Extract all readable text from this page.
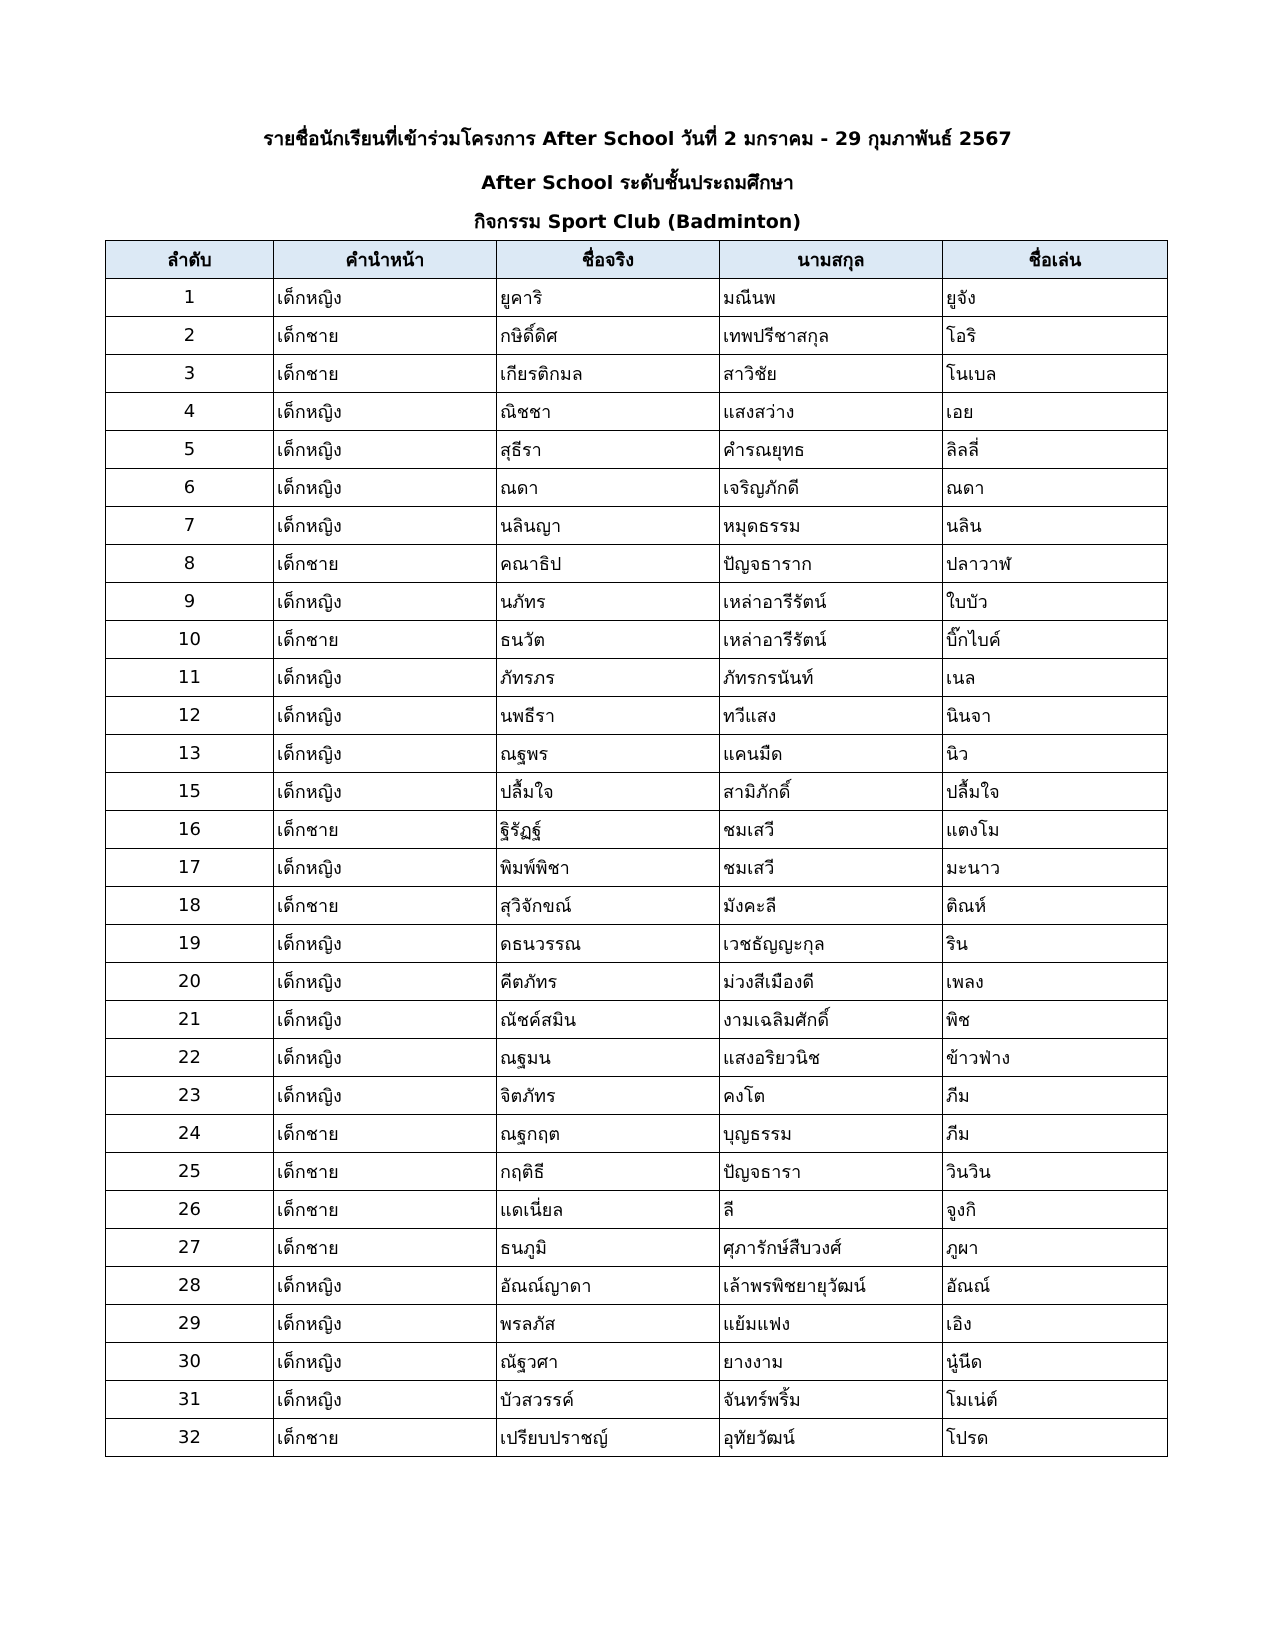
รายชื่อนักเรียนที่เข้าร่วมโครงการ After School วันที่ 2 มกราคม - 29 กุมภาพันธ์ 2567
After School ระดับชั้นประถมศึกษา
กิจกรรม Sport Club (Badminton)
ลำดับ	คำนำหน้า	ชื่อจริง	นามสกุล	ชื่อเล่น
1	เด็กหญิง	ยูคาริ	มณีนพ	ยูจัง
2	เด็กชาย	กษิดิ์ดิศ	เทพปรีชาสกุล	โอริ
3	เด็กชาย	เกียรติกมล	สาวิชัย	โนเบล
4	เด็กหญิง	ณิชชา	แสงสว่าง	เอย
5	เด็กหญิง	สุธีรา	คำรณยุทธ	ลิลลี่
6	เด็กหญิง	ณดา	เจริญภักดี	ณดา
7	เด็กหญิง	นลินญา	หมุดธรรม	นลิน
8	เด็กชาย	คณาธิป	ปัญจธาราก	ปลาวาฬ
9	เด็กหญิง	นภัทร	เหล่าอารีรัตน์	ใบบัว
10	เด็กชาย	ธนวัต	เหล่าอารีรัตน์	บิ๊กไบค์
11	เด็กหญิง	ภัทรภร	ภัทรกรนันท์	เนล
12	เด็กหญิง	นพธีรา	ทวีแสง	นินจา
13	เด็กหญิง	ณฐพร	แคนมืด	นิว
15	เด็กหญิง	ปลื้มใจ	สามิภักดิ์	ปลื้มใจ
16	เด็กชาย	ฐิรัฏฐ์	ชมเสวี	แตงโม
17	เด็กหญิง	พิมพ์พิชา	ชมเสวี	มะนาว
18	เด็กชาย	สุวิจักขณ์	มังคะลี	ติณห์
19	เด็กหญิง	ดธนวรรณ	เวชธัญญะกุล	ริน
20	เด็กหญิง	คีตภัทร	ม่วงสีเมืองดี	เพลง
21	เด็กหญิง	ณัชค์สมิน	งามเฉลิมศักดิ์	พิช
22	เด็กหญิง	ณฐมน	แสงอริยวนิช	ข้าวฟ่าง
23	เด็กหญิง	จิตภัทร	คงโต	ภีม
24	เด็กชาย	ณฐกฤต	บุญธรรม	ภีม
25	เด็กชาย	กฤติธี	ปัญจธารา	วินวิน
26	เด็กชาย	แดเนี่ยล	ลี	จูงกิ
27	เด็กชาย	ธนภูมิ	ศุภารักษ์สืบวงศ์	ภูผา
28	เด็กหญิง	อัณณ์ญาดา	เล้าพรพิชยายุวัฒน์	อัณณ์
29	เด็กหญิง	พรลภัส	แย้มแฟง	เอิง
30	เด็กหญิง	ณัฐวศา	ยางงาม	นู๋นีด
31	เด็กหญิง	บัวสวรรค์	จันทร์พริ้ม	โมเน่ต์
32	เด็กชาย	เปรียบปราชญ์	อุทัยวัฒน์	โปรด
